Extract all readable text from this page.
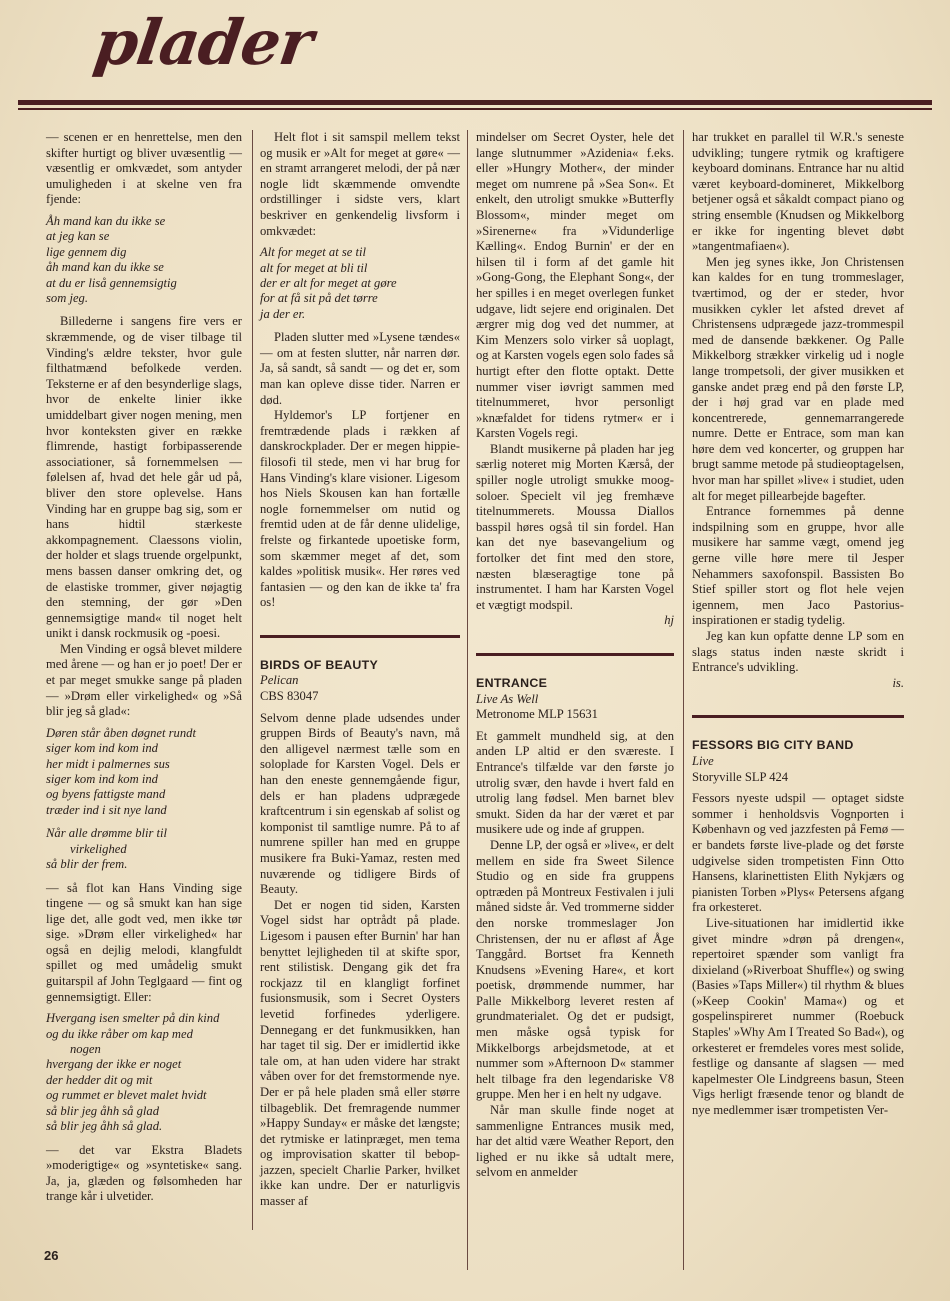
plader

— scenen er en henrettelse, men den skifter hurtigt og bliver uvæsentlig — væsentlig er omkvædet, som antyder umuligheden i at skelne ven fra fjende:

Åh mand kan du ikke se
at jeg kan se
lige gennem dig
åh mand kan du ikke se
at du er liså gennemsigtig
som jeg.

Billederne i sangens fire vers er skræmmende, og de viser tilbage til Vinding's ældre tekster, hvor gule filthatmænd befolkede verden. Teksterne er af den besynderlige slags, hvor de enkelte linier ikke umiddelbart giver nogen mening, men hvor konteksten giver en række flimrende, hastigt forbipasserende associationer, så fornemmelsen — følelsen af, hvad det hele går ud på, bliver den store oplevelse. Hans Vinding har en gruppe bag sig, som er hans hidtil stærkeste akkompagnement. Claessons violin, der holder et slags truende orgelpunkt, mens bassen danser omkring det, og de elastiske trommer, giver nøjagtig den stemning, der gør »Den gennemsigtige mand« til noget helt unikt i dansk rockmusik og -poesi.

Men Vinding er også blevet mildere med årene — og han er jo poet! Der er et par meget smukke sange på pladen — »Drøm eller virkelighed« og »Så blir jeg så glad«:

Døren står åben døgnet rundt
siger kom ind kom ind
her midt i palmernes sus
siger kom ind kom ind
og byens fattigste mand
træder ind i sit nye land
Når alle drømme blir til
virkelighed
så blir der frem.

— så flot kan Hans Vinding sige tingene — og så smukt kan han sige lige det, alle godt ved, men ikke tør sige. »Drøm eller virkelighed« har også en dejlig melodi, klangfuldt spillet og med umådelig smukt guitarspil af John Teglgaard — fint og gennemsigtigt. Eller:

Hvergang isen smelter på din kind
og du ikke råber om kap med
nogen
hvergang der ikke er noget
der hedder dit og mit
og rummet er blevet malet hvidt
så blir jeg åhh så glad
så blir jeg åhh så glad.

— det var Ekstra Bladets »moderigtige« og »syntetiske« sang. Ja, ja, glæden og følsomheden har trange kår i ulvetider.

Helt flot i sit samspil mellem tekst og musik er »Alt for meget at gøre« — en stramt arrangeret melodi, der på nær nogle lidt skæmmende omvendte ordstillinger i sidste vers, klart beskriver en genkendelig livsform i omkvædet:

Alt for meget at se til
alt for meget at bli til
der er alt for meget at gøre
for at få sit på det tørre
ja der er.

Pladen slutter med »Lysene tændes« — om at festen slutter, når narren dør. Ja, så sandt, så sandt — og det er, som man kan opleve disse tider. Narren er død.

Hyldemor's LP fortjener en fremtrædende plads i rækken af danskrockplader. Der er megen hippie-filosofi til stede, men vi har brug for Hans Vinding's klare visioner. Ligesom hos Niels Skousen kan han fortælle nogle fornemmelser om nutid og fremtid uden at de får denne ulidelige, frelste og firkantede upoetiske form, som skæmmer meget af det, som kaldes »politisk musik«. Her røres ved fantasien — og den kan de ikke ta' fra os!

BIRDS OF BEAUTY
Pelican
CBS 83047

Selvom denne plade udsendes under gruppen Birds of Beauty's navn, må den alligevel nærmest tælle som en soloplade for Karsten Vogel. Dels er han den eneste gennemgående figur, dels er han pladens udprægede kraftcentrum i sin egenskab af solist og komponist til samtlige numre. På to af numrene spiller han med en gruppe musikere fra Buki-Yamaz, resten med nuværende og tidligere Birds of Beauty.

Det er nogen tid siden, Karsten Vogel sidst har optrådt på plade. Ligesom i pausen efter Burnin' har han benyttet lejligheden til at skifte spor, rent stilistisk. Dengang gik det fra rockjazz til en klangligt forfinet fusionsmusik, som i Secret Oysters levetid forfinedes yderligere. Dennegang er det funkmusikken, han har taget til sig. Der er imidlertid ikke tale om, at han uden videre har strakt våben over for det fremstormende nye. Der er på hele pladen små eller større tilbageblik. Det fremragende nummer »Happy Sunday« er måske det længste; det rytmiske er latinpræget, men tema og improvisation skatter til bebop-jazzen, specielt Charlie Parker, hvilket ikke kan undre. Der er naturligvis masser af

mindelser om Secret Oyster, hele det lange slutnummer »Azidenia« f.eks. eller »Hungry Mother«, der minder meget om numrene på »Sea Son«. Et enkelt, den utroligt smukke »Butterfly Blossom«, minder meget om »Sirenerne« fra »Vidunderlige Kælling«. Endog Burnin' er der en hilsen til i form af det gamle hit »Gong-Gong, the Elephant Song«, der her spilles i en meget overlegen funket udgave, lidt sejere end originalen. Det ærgrer mig dog ved det nummer, at Kim Menzers solo virker så uoplagt, og at Karsten vogels egen solo fades så hurtigt efter den flotte optakt. Dette nummer viser iøvrigt sammen med titelnummeret, hvor personligt »knæfaldet for tidens rytmer« er i Karsten Vogels regi.

Blandt musikerne på pladen har jeg særlig noteret mig Morten Kærså, der spiller nogle utroligt smukke moog-soloer. Specielt vil jeg fremhæve titelnummerets. Moussa Diallos basspil høres også til sin fordel. Han kan det nye basevangelium og fortolker det fint med den store, næsten blæseragtige tone på instrumentet. I ham har Karsten Vogel et vægtigt modspil.

hj
ENTRANCE
Live As Well
Metronome MLP 15631

Et gammelt mundheld sig, at den anden LP altid er den sværeste. I Entrance's tilfælde var den første jo utrolig svær, den havde i hvert fald en utrolig lang fødsel. Men barnet blev smukt. Siden da har der været et par musikere ude og inde af gruppen.

Denne LP, der også er »live«, er delt mellem en side fra Sweet Silence Studio og en side fra gruppens optræden på Montreux Festivalen i juli måned sidste år. Ved trommerne sidder den norske trommeslager Jon Christensen, der nu er afløst af Åge Tanggård. Bortset fra Kenneth Knudsens »Evening Hare«, et kort poetisk, drømmende nummer, har Palle Mikkelborg leveret resten af grundmaterialet. Og det er pudsigt, men måske også typisk for Mikkelborgs arbejdsmetode, at et nummer som »Afternoon D« stammer helt tilbage fra den legendariske V8 gruppe. Men her i en helt ny udgave.

Når man skulle finde noget at sammenligne Entrances musik med, har det altid være Weather Report, den lighed er nu ikke så udtalt mere, selvom en anmelder

har trukket en parallel til W.R.'s seneste udvikling; tungere rytmik og kraftigere keyboard dominans. Entrance har nu altid været keyboard-domineret, Mikkelborg betjener også et såkaldt compact piano og string ensemble (Knudsen og Mikkelborg er ikke for ingenting blevet døbt »tangentmafiaen«).

Men jeg synes ikke, Jon Christensen kan kaldes for en tung trommeslager, tværtimod, og der er steder, hvor musikken cykler let afsted drevet af Christensens udprægede jazz-trommespil med de dansende bækkener. Og Palle Mikkelborg strækker virkelig ud i nogle lange trompetsoli, der giver musikken et ganske andet præg end på den første LP, der i høj grad var en plade med koncentrerede, gennemarrangerede numre. Dette er Entrace, som man kan høre dem ved koncerter, og gruppen har brugt samme metode på studieoptagelsen, hvor man har spillet »live« i studiet, uden alt for meget pillearbejde bagefter.

Entrance fornemmes på denne indspilning som en gruppe, hvor alle musikere har samme vægt, omend jeg gerne ville høre mere til Jesper Nehammers saxofonspil. Bassisten Bo Stief spiller stort og flot hele vejen igennem, men Jaco Pastorius-inspirationen er stadig tydelig.

Jeg kan kun opfatte denne LP som en slags status inden næste skridt i Entrance's udvikling.

is.
FESSORS BIG CITY BAND
Live
Storyville SLP 424

Fessors nyeste udspil — optaget sidste sommer i henholdsvis Vognporten i København og ved jazzfesten på Femø — er bandets første live-plade og det første udgivelse siden trompetisten Finn Otto Hansens, klarinettisten Elith Nykjærs og pianisten Torben »Plys« Petersens afgang fra orkesteret.

Live-situationen har imidlertid ikke givet mindre »drøn på drengen«, repertoiret spænder som vanligt fra dixieland (»Riverboat Shuffle«) og swing (Basies »Taps Miller«) til rhythm & blues (»Keep Cookin' Mama«) og et gospelinspireret nummer (Roebuck Staples' »Why Am I Treated So Bad«), og orkesteret er fremdeles vores mest solide, festlige og dansante af slagsen — med kapelmester Ole Lindgreens basun, Steen Vigs herligt fræsende tenor og blandt de nye medlemmer især trompetisten Ver-

26
